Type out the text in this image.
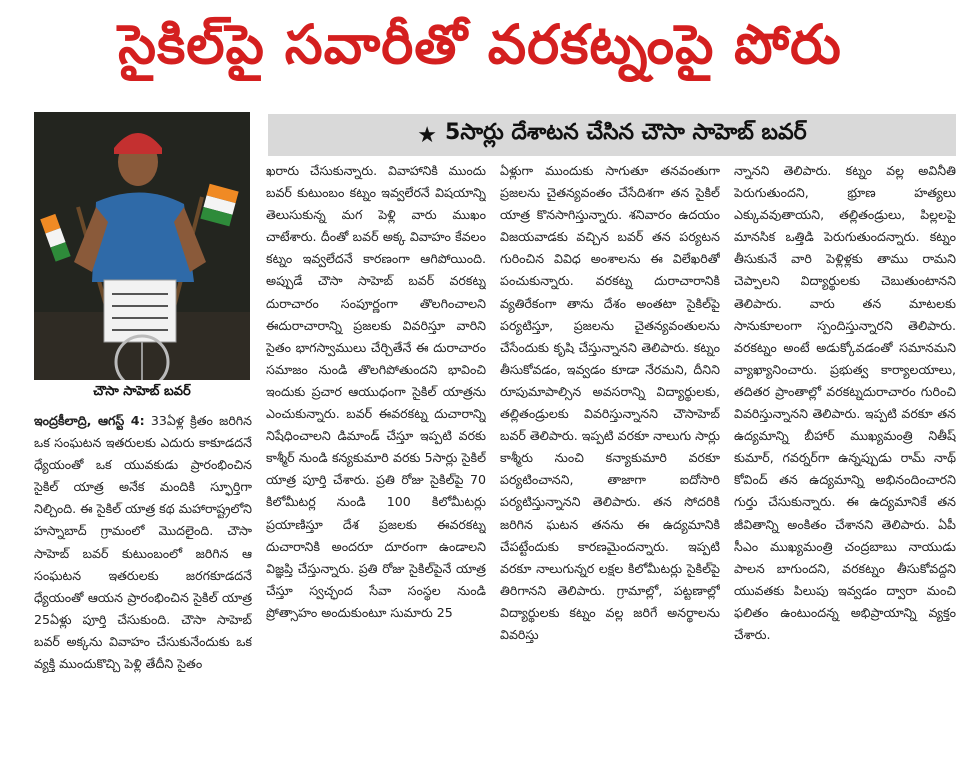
సైకిల్‌పై సవారీతో వరకట్నంపై పోరు
చౌసా సాహెబ్ బవర్
★ 5సార్లు దేశాటన చేసిన చౌసా సాహెబ్ బవర్

ఇంద్రకీలాద్రి, ఆగస్ట్ 4: 33ఏళ్ల క్రితం జరిగిన ఒక సంఘటన ఇతరులకు ఎదురు కాకూడదనే ధ్యేయంతో ఒక యువకుడు ప్రారంభించిన సైకిల్ యాత్ర అనేక మందికి స్ఫూర్తిగా నిల్చింది. ఈ సైకిల్ యాత్ర కథ మహారాష్ట్రలోని హస్నాబాద్ గ్రామంలో మొదలైంది. చౌసా సాహెబ్ బవర్ కుటుంబంలో జరిగిన ఆ సంఘటన ఇతరులకు జరగకూడదనే ధ్యేయంతో ఆయన ప్రారంభించిన సైకిల్ యాత్ర 25ఏళ్లు పూర్తి చేసుకుంది. చౌసా సాహెబ్ బవర్ అక్కను వివాహం చేసుకునేందుకు ఒక వ్యక్తి ముందుకొచ్చి పెళ్లి తేదీని సైతం

ఖరారు చేసుకున్నారు. వివాహానికి ముందు బవర్ కుటుంబం కట్నం ఇవ్వలేరనే విషయాన్ని తెలుసుకున్న మగ పెళ్లి వారు ముఖం చాటేశారు. దీంతో బవర్ అక్క వివాహం కేవలం కట్నం ఇవ్వలేదనే కారణంగా ఆగిపోయింది. అప్పుడే చౌసా సాహెబ్ బవర్ వరకట్న దురాచారం సంపూర్ణంగా తొలగించాలని ఈదురాచారాన్ని ప్రజలకు వివరిస్తూ వారిని సైతం భాగస్వాములు చేర్చితేనే ఈ దురాచారం సమాజం నుండి తొలగిపోతుందని భావించి ఇందుకు ప్రచార ఆయుధంగా సైకిల్ యాత్రను ఎంచుకున్నారు. బవర్ ఈవరకట్న దుచారాన్ని నిషేధించాలని డిమాండ్ చేస్తూ ఇప్పటి వరకు కాశ్మీర్ నుండి కన్యకుమారి వరకు 5సార్లు సైకిల్ యాత్ర పూర్తి చేశారు. ప్రతి రోజు సైకిల్‌పై 70 కిలోమీటర్ల నుండి 100 కిలోమీటర్లు ప్రయాణిస్తూ దేశ ప్రజలకు ఈవరకట్న దుచారానికి అందరూ దూరంగా ఉండాలని విజ్ఞప్తి చేస్తున్నారు. ప్రతి రోజు సైకిల్‌పైనే యాత్ర చేస్తూ స్వచ్ఛంద సేవా సంస్థల నుండి ప్రోత్సాహం అందుకుంటూ సుమారు 25

ఏళ్లుగా ముందుకు సాగుతూ తనవంతుగా ప్రజలను చైతన్యవంతం చేసేదిశగా తన సైకిల్ యాత్ర కొనసాగిస్తున్నారు. శనివారం ఉదయం విజయవాడకు వచ్చిన బవర్ తన పర్యటన గురించిన వివిధ అంశాలను ఈ విలేఖరితో పంచుకున్నారు. వరకట్న దురాచారానికి వ్యతిరేకంగా తాను దేశం అంతటా సైకిల్‌పై పర్యటిస్తూ, ప్రజలను చైతన్యవంతులను చేసేందుకు కృషి చేస్తున్నానని తెలిపారు. కట్నం తీసుకోవడం, ఇవ్వడం కూడా నేరమని, దీనిని రూపుమాపాల్సిన అవసరాన్ని విద్యార్థులకు, తల్లితండ్రులకు వివరిస్తున్నానని చౌసాహెబ్ బవర్ తెలిపారు. ఇప్పటి వరకూ నాలుగు సార్లు కాశ్మీరు నుంచి కన్యాకుమారి వరకూ పర్యటించానని, తాజాగా ఐదోసారి పర్యటిస్తున్నానని తెలిపారు. తన సోదరికి జరిగిన ఘటన తనను ఈ ఉద్యమానికి చేపట్టేందుకు కారణమైందన్నారు. ఇప్పటి వరకూ నాలుగున్నర లక్షల కిలోమీటర్లు సైకిల్‌పై తిరిగానని తెలిపారు. గ్రామాల్లో, పట్టణాల్లో విద్యార్థులకు కట్నం వల్ల జరిగే అనర్థాలను వివరిస్తు

న్నానని తెలిపారు. కట్నం వల్ల అవినీతి పెరుగుతుందని, భ్రూణ హత్యలు ఎక్కువవుతాయని, తల్లితండ్రులు, పిల్లలపై మానసిక ఒత్తిడి పెరుగుతుందన్నారు. కట్నం తీసుకునే వారి పెళ్లిళ్లకు తాము రామని చెప్పాలని విద్యార్థులకు చెబుతుంటానని తెలిపారు. వారు తన మాటలకు సానుకూలంగా స్పందిస్తున్నారని తెలిపారు. వరకట్నం అంటే అడుక్కోవడంతో సమానమని వ్యాఖ్యానించారు. ప్రభుత్వ కార్యాలయాలు, తదితర ప్రాంతాల్లో వరకట్నదురాచారం గురించి వివరిస్తున్నానని తెలిపారు. ఇప్పటి వరకూ తన ఉద్యమాన్ని బీహార్ ముఖ్యమంత్రి నితీష్ కుమార్, గవర్నర్‌గా ఉన్నప్పుడు రామ్ నాథ్ కోవింద్ తన ఉద్యమాన్ని అభినందించారని గుర్తు చేసుకున్నారు. ఈ ఉద్యమానికే తన జీవితాన్ని అంకితం చేశానని తెలిపారు. ఏపీ సీఎం ముఖ్యమంత్రి చంద్రబాబు నాయుడు పాలన బాగుందని, వరకట్నం తీసుకోవద్దని యువతకు పిలుపు ఇవ్వడం ద్వారా మంచి ఫలితం ఉంటుందన్న అభిప్రాయాన్ని వ్యక్తం చేశారు.
